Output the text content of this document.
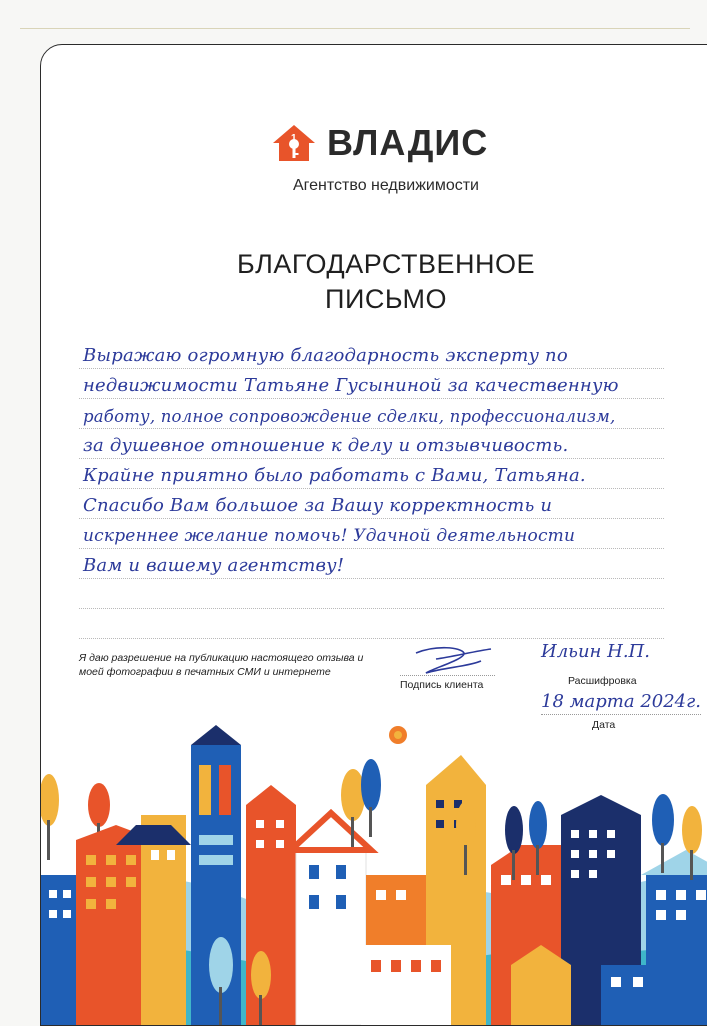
1 ВЛАДИС
Агентство недвижимости
БЛАГОДАРСТВЕННОЕ
ПИСЬМО
Выражаю огромную благодарность эксперту по
недвижимости Татьяне Гусыниной за качественную
работу, полное сопровождение сделки, профессионализм,
за душевное отношение к делу и отзывчивость.
Крайне приятно было работать с Вами, Татьяна.
Спасибо Вам большое за Вашу корректность и
искреннее желание помочь! Удачной деятельности
Вам и вашему агентству!
Я даю разрешение на публикацию настоящего отзыва и моей фотографии в печатных СМИ и интернете
Подпись клиента
Ильин Н.П.
Расшифровка
18 марта 2024г.
Дата
